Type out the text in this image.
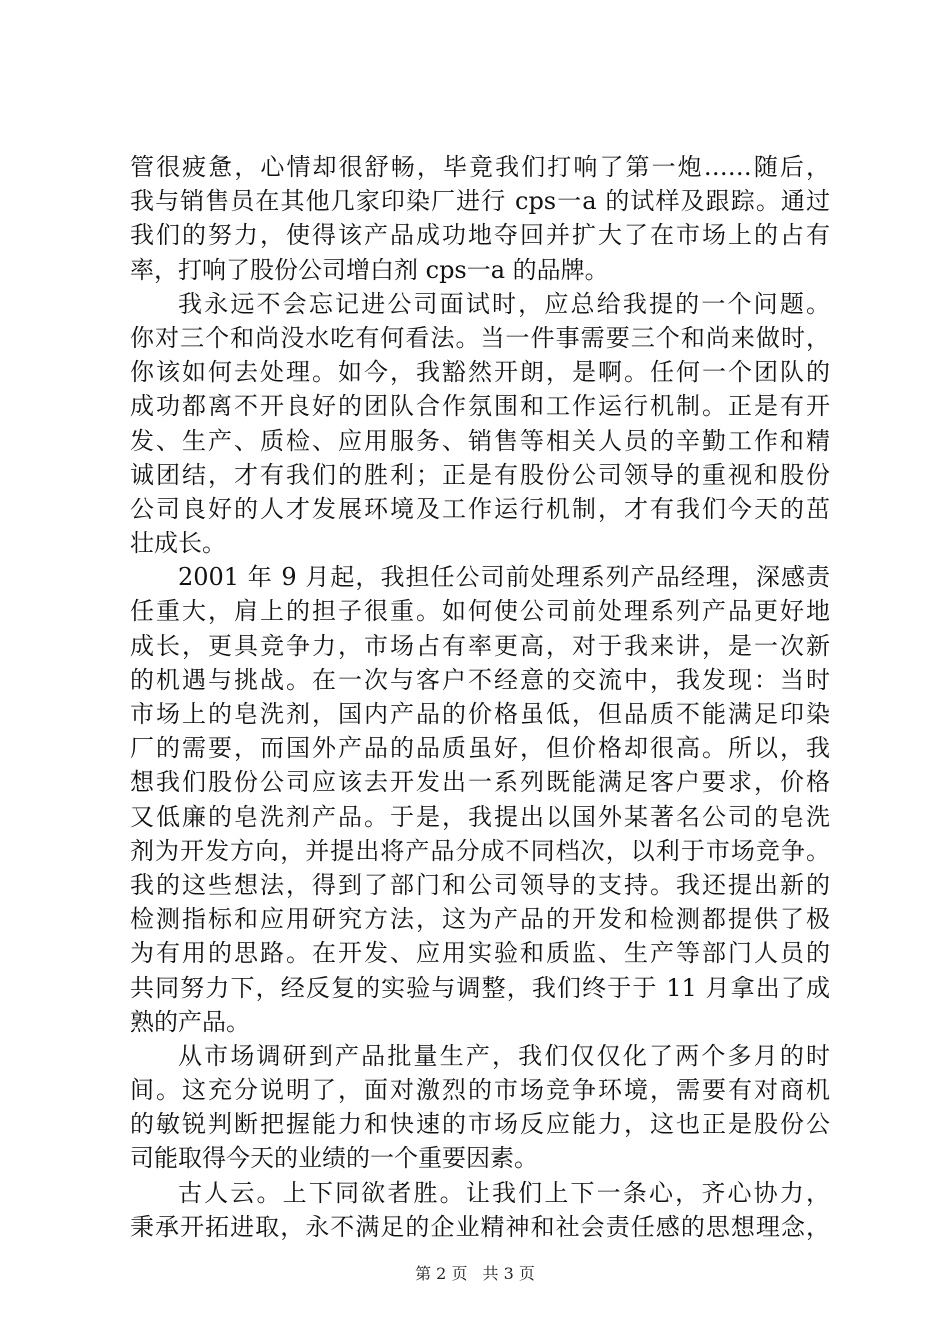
管很疲惫，心情却很舒畅，毕竟我们打响了第一炮……随后，
我与销售员在其他几家印染厂进行 cps一a 的试样及跟踪。通过
我们的努力，使得该产品成功地夺回并扩大了在市场上的占有
率，打响了股份公司增白剂 cps一a 的品牌。
我永远不会忘记进公司面试时，应总给我提的一个问题。
你对三个和尚没水吃有何看法。当一件事需要三个和尚来做时，
你该如何去处理。如今，我豁然开朗，是啊。任何一个团队的
成功都离不开良好的团队合作氛围和工作运行机制。正是有开
发、生产、质检、应用服务、销售等相关人员的辛勤工作和精
诚团结，才有我们的胜利；正是有股份公司领导的重视和股份
公司良好的人才发展环境及工作运行机制，才有我们今天的茁
壮成长。
2001 年 9 月起，我担任公司前处理系列产品经理，深感责
任重大，肩上的担子很重。如何使公司前处理系列产品更好地
成长，更具竞争力，市场占有率更高，对于我来讲，是一次新
的机遇与挑战。在一次与客户不经意的交流中，我发现：当时
市场上的皂洗剂，国内产品的价格虽低，但品质不能满足印染
厂的需要，而国外产品的品质虽好，但价格却很高。所以，我
想我们股份公司应该去开发出一系列既能满足客户要求，价格
又低廉的皂洗剂产品。于是，我提出以国外某著名公司的皂洗
剂为开发方向，并提出将产品分成不同档次，以利于市场竞争。
我的这些想法，得到了部门和公司领导的支持。我还提出新的
检测指标和应用研究方法，这为产品的开发和检测都提供了极
为有用的思路。在开发、应用实验和质监、生产等部门人员的
共同努力下，经反复的实验与调整，我们终于于 11 月拿出了成
熟的产品。
从市场调研到产品批量生产，我们仅仅化了两个多月的时
间。这充分说明了，面对激烈的市场竞争环境，需要有对商机
的敏锐判断把握能力和快速的市场反应能力，这也正是股份公
司能取得今天的业绩的一个重要因素。
古人云。上下同欲者胜。让我们上下一条心，齐心协力，
秉承开拓进取，永不满足的企业精神和社会责任感的思想理念，
第 2 页 共 3 页
